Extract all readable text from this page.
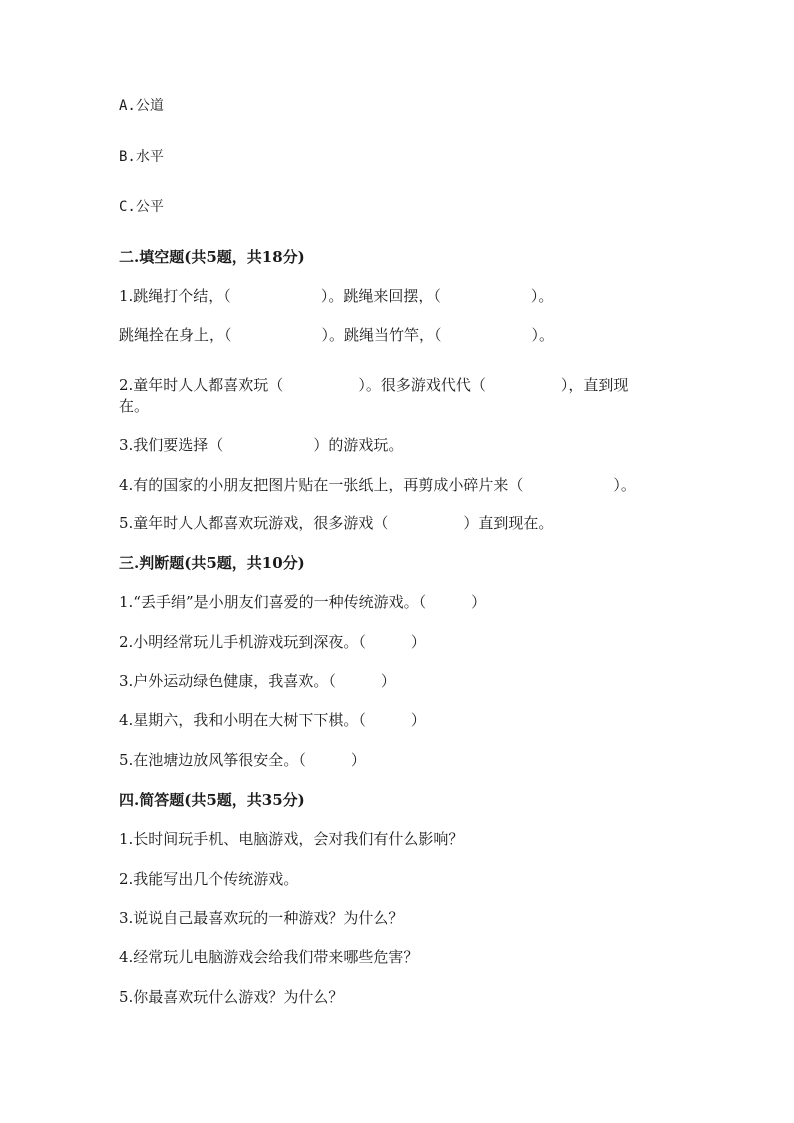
A.公道
B.水平
C.公平
二.填空题(共5题，共18分)
1.跳绳打个结，（　　　　　　）。跳绳来回摆，（　　　　　　）。
跳绳拴在身上，（　　　　　　）。跳绳当竹竿，（　　　　　　）。
2.童年时人人都喜欢玩（　　　　　）。很多游戏代代（　　　　　），直到现
在。
3.我们要选择（　　　　　　）的游戏玩。
4.有的国家的小朋友把图片贴在一张纸上，再剪成小碎片来（　　　　　　）。
5.童年时人人都喜欢玩游戏，很多游戏（　　　　　）直到现在。
三.判断题(共5题，共10分)
1.“丢手绢”是小朋友们喜爱的一种传统游戏。（　　　）
2.小明经常玩儿手机游戏玩到深夜。（　　　）
3.户外运动绿色健康，我喜欢。（　　　）
4.星期六，我和小明在大树下下棋。（　　　）
5.在池塘边放风筝很安全。（　　　）
四.简答题(共5题，共35分)
1.长时间玩手机、电脑游戏，会对我们有什么影响？
2.我能写出几个传统游戏。
3.说说自己最喜欢玩的一种游戏？为什么？
4.经常玩儿电脑游戏会给我们带来哪些危害？
5.你最喜欢玩什么游戏？为什么？
